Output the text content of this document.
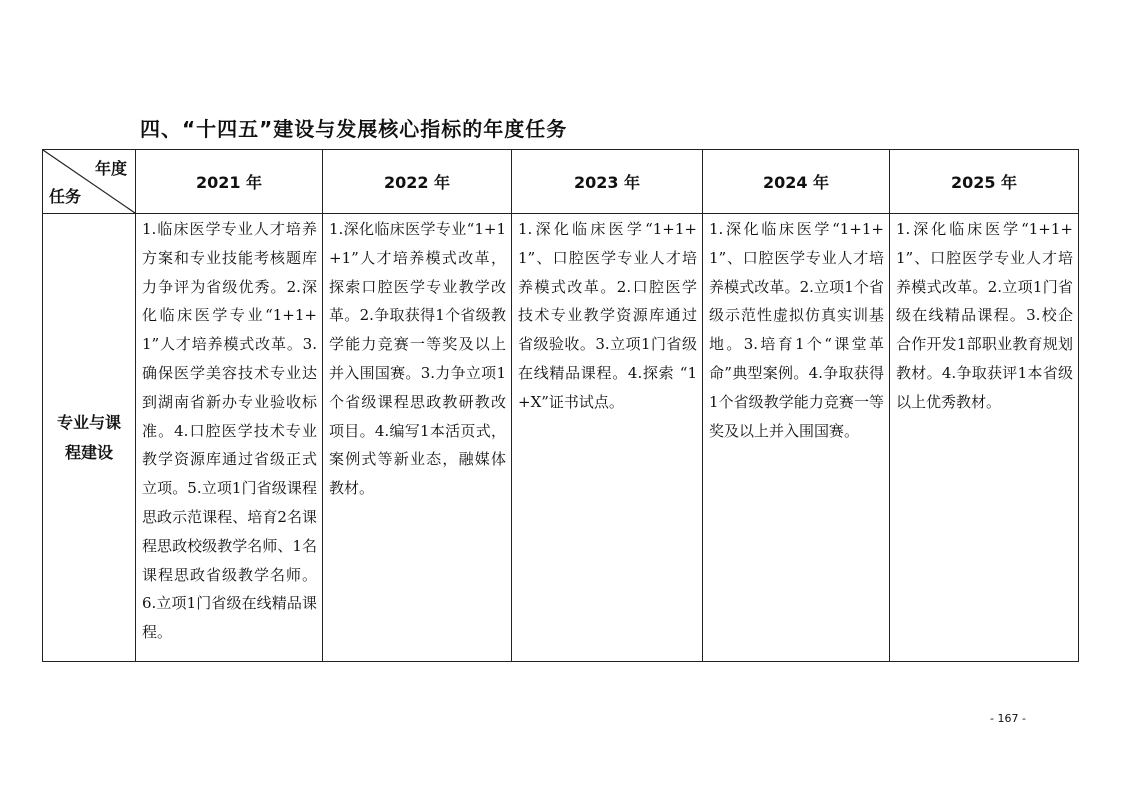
四、“十四五”建设与发展核心指标的年度任务
年度
任务	2021 年	2022 年	2023 年	2024 年	2025 年
专业与课程建设	1.临床医学专业人才培养方案和专业技能考核题库力争评为省级优秀。2.深化临床医学专业“1+1+1”人才培养模式改革。3.确保医学美容技术专业达到湖南省新办专业验收标准。4.口腔医学技术专业教学资源库通过省级正式立项。5.立项1门省级课程思政示范课程、培育2名课程思政校级教学名师、1名课程思政省级教学名师。6.立项1门省级在线精品课程。	1.深化临床医学专业“1+1+1”人才培养模式改革，探索口腔医学专业教学改革。2.争取获得1个省级教学能力竞赛一等奖及以上并入围国赛。3.力争立项1个省级课程思政教研教改项目。4.编写1本活页式，案例式等新业态，融媒体教材。	1.深化临床医学“1+1+1”、口腔医学专业人才培养模式改革。2.口腔医学技术专业教学资源库通过省级验收。3.立项1门省级在线精品课程。4.探索 “1+X”证书试点。	1.深化临床医学“1+1+1”、口腔医学专业人才培养模式改革。2.立项1个省级示范性虚拟仿真实训基地。3.培育1个“课堂革命”典型案例。4.争取获得1个省级教学能力竞赛一等奖及以上并入围国赛。	1.深化临床医学“1+1+1”、口腔医学专业人才培养模式改革。2.立项1门省级在线精品课程。3.校企合作开发1部职业教育规划教材。4.争取获评1本省级以上优秀教材。
- 167 -
